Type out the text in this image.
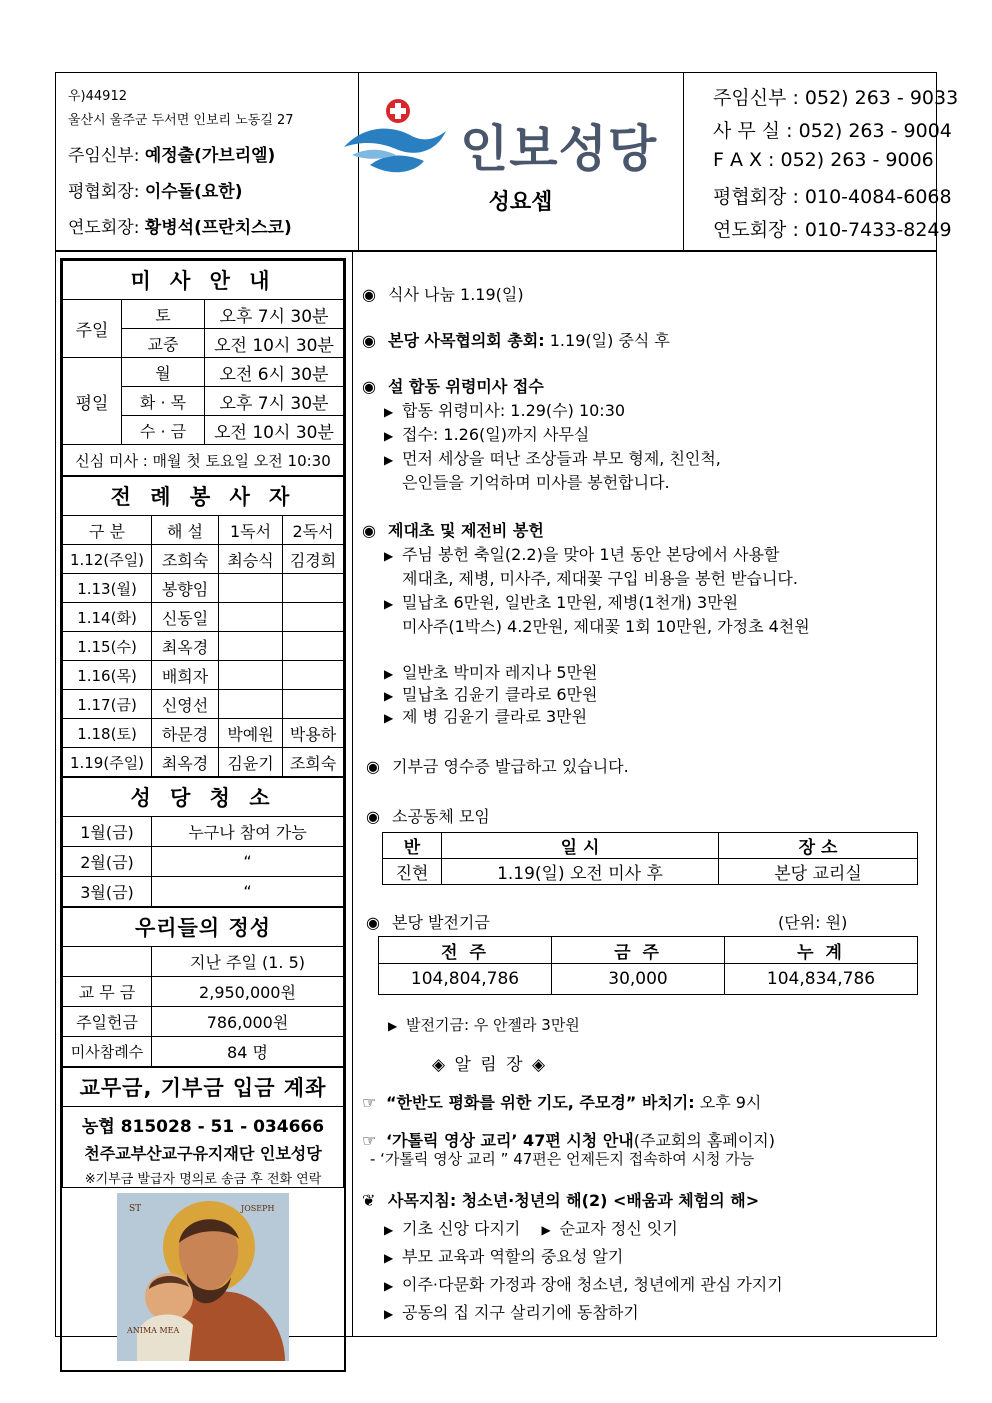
우)44912
울산시 울주군 두서면 인보리 노동길 27
주임신부: 예정출(가브리엘)
평협회장: 이수돌(요한)
연도회장: 황병석(프란치스코)
인보성당
성요셉
주임신부 : 052) 263 - 9033
사 무 실 : 052) 263 - 9004
F A X : 052) 263 - 9006
평협회장 : 010-4084-6068
연도회장 : 010-7433-8249
미 사 안 내		
주일	토	오후 7시 30분
	교중	오전 10시 30분
평일	월	오전 6시 30분
	화 · 목	오후 7시 30분
	수 · 금	오전 10시 30분
신심 미사 : 매월 첫 토요일 오전 10:30		
전 례 봉 사 자			
구 분	해 설	1독서	2독서
1.12(주일)	조희숙	최승식	김경희
1.13(월)	봉향임		
1.14(화)	신동일		
1.15(수)	최옥경		
1.16(목)	배희자		
1.17(금)	신영선		
1.18(토)	하문경	박예원	박용하
1.19(주일)	최옥경	김윤기	조희숙
성 당 청 소	
1월(금)	누구나 참여 가능
2월(금)	“
3월(금)	“
우리들의 정성	
	지난 주일 (1. 5)
교 무 금	2,950,000원
주일헌금	786,000원
미사참례수	84 명
교무금, 기부금 입금 계좌

농협 815028 - 51 - 034666
천주교부산교구유지재단 인보성당
※기부금 발급자 명의로 송금 후 전화 연락

ST	JOSEPH
ANIMA MEA
◉ 식사 나눔 1.19(일)
◉ 본당 사목협의회 총회: 1.19(일) 중식 후
◉ 설 합동 위령미사 접수
▶ 합동 위령미사: 1.29(수) 10:30
▶ 접수: 1.26(일)까지 사무실
▶ 먼저 세상을 떠난 조상들과 부모 형제, 친인척,
은인들을 기억하며 미사를 봉헌합니다.
◉ 제대초 및 제전비 봉헌
▶ 주님 봉헌 축일(2.2)을 맞아 1년 동안 본당에서 사용할
제대초, 제병, 미사주, 제대꽃 구입 비용을 봉헌 받습니다.
▶ 밀납초 6만원, 일반초 1만원, 제병(1천개) 3만원
미사주(1박스) 4.2만원, 제대꽃 1회 10만원, 가정초 4천원
▶ 일반초 박미자 레지나 5만원
▶ 밀납초 김윤기 클라로 6만원
▶ 제 병 김윤기 클라로 3만원
◉ 기부금 영수증 발급하고 있습니다.
◉ 소공동체 모임
반	일 시	장 소
진현	1.19(일) 오전 미사 후	본당 교리실
◉ 본당 발전기금	(단위: 원)
전 주	금 주	누 계
104,804,786	30,000	104,834,786
▶ 발전기금: 우 안젤라 3만원
◈ 알 림 장 ◈
☞ “한반도 평화를 위한 기도, 주모경” 바치기: 오후 9시
☞ ‘가톨릭 영상 교리’ 47편 시청 안내(주교회의 홈페이지)
- ‘가톨릭 영상 교리 ” 47편은 언제든지 접속하여 시청 가능
❦ 사목지침: 청소년·청년의 해(2) <배움과 체험의 해>
▶ 기초 신앙 다지기 ▶ 순교자 정신 잇기
▶ 부모 교육과 역할의 중요성 알기
▶ 이주·다문화 가정과 장애 청소년, 청년에게 관심 가지기
▶ 공동의 집 지구 살리기에 동참하기
